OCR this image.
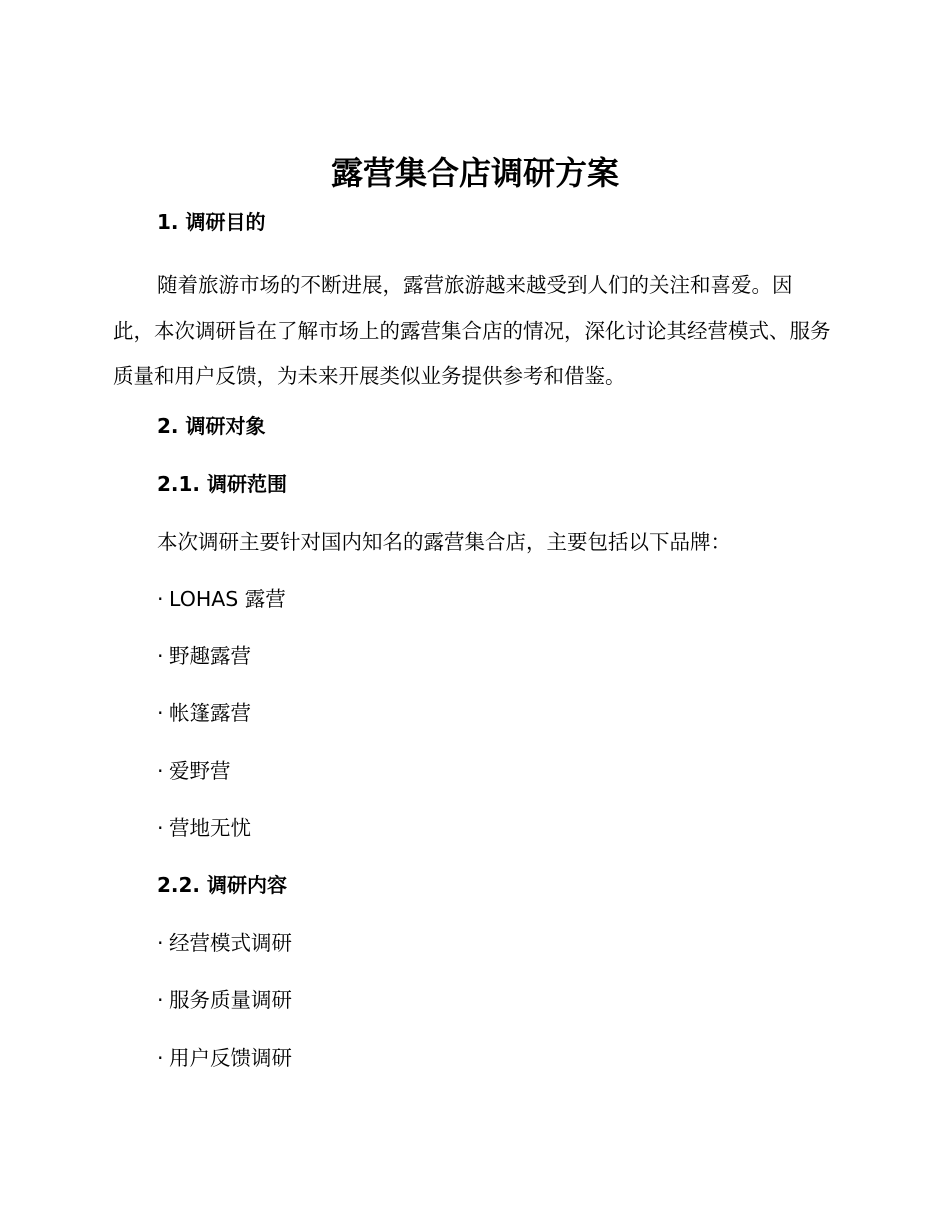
露营集合店调研方案
1. 调研目的

随着旅游市场的不断进展，露营旅游越来越受到人们的关注和喜爱。因此，本次调研旨在了解市场上的露营集合店的情况，深化讨论其经营模式、服务质量和用户反馈，为未来开展类似业务提供参考和借鉴。

2. 调研对象
2.1. 调研范围

本次调研主要针对国内知名的露营集合店，主要包括以下品牌：

· LOHAS 露营
· 野趣露营
· 帐篷露营
· 爱野营
· 营地无忧
2.2. 调研内容
· 经营模式调研
· 服务质量调研
· 用户反馈调研
